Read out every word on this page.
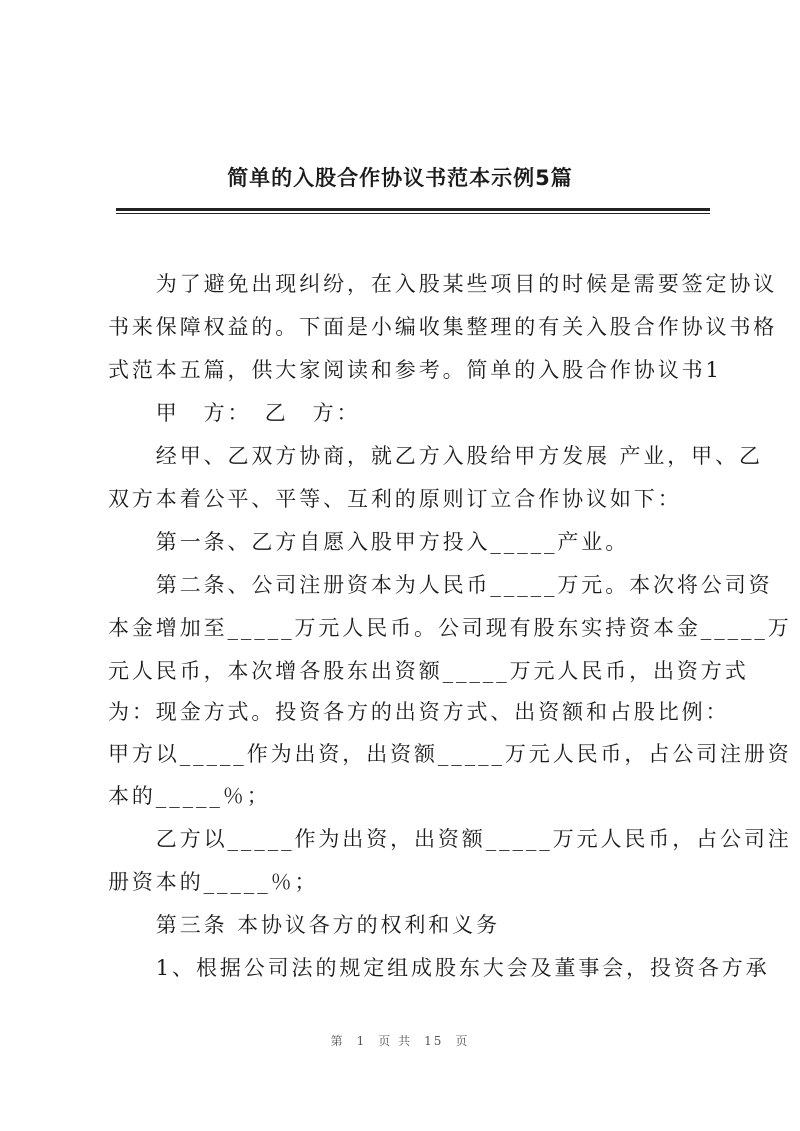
简单的入股合作协议书范本示例5篇
　　为了避免出现纠纷，在入股某些项目的时候是需要签定协议
书来保障权益的。下面是小编收集整理的有关入股合作协议书格
式范本五篇，供大家阅读和参考。简单的入股合作协议书1
　　甲　方：　乙　方：
　　经甲、乙双方协商，就乙方入股给甲方发展 产业，甲、乙
双方本着公平、平等、互利的原则订立合作协议如下：
　　第一条、乙方自愿入股甲方投入_____产业。
　　第二条、公司注册资本为人民币_____万元。本次将公司资
本金增加至_____万元人民币。公司现有股东实持资本金_____万
元人民币，本次增各股东出资额_____万元人民币，出资方式
为：现金方式。投资各方的出资方式、出资额和占股比例：
甲方以_____作为出资，出资额_____万元人民币，占公司注册资
本的_____％；
　　乙方以_____作为出资，出资额_____万元人民币，占公司注
册资本的_____％；
　　第三条 本协议各方的权利和义务
　　1、根据公司法的规定组成股东大会及董事会，投资各方承
第 1 页 共 15 页
